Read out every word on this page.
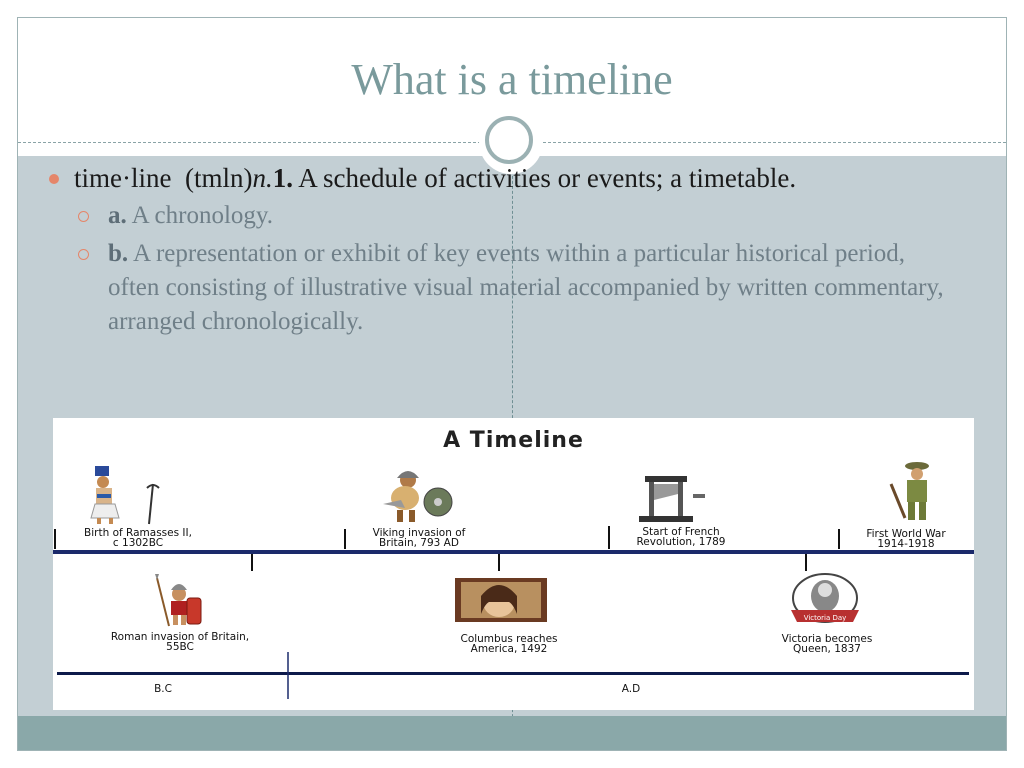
What is a timeline
time·line (tmln)n.1. A schedule of activities or events; a timetable.
a. A chronology.
b. A representation or exhibit of key events within a particular historical period, often consisting of illustrative visual material accompanied by written commentary, arranged chronologically.
A Timeline
Victoria Day
Birth of Ramasses II,
c 1302BC
Viking invasion of
Britain, 793 AD
Start of French
Revolution, 1789
First World War
1914-1918
Roman invasion of Britain,
55BC
Columbus reaches
America, 1492
Victoria becomes
Queen, 1837
B.C	A.D
